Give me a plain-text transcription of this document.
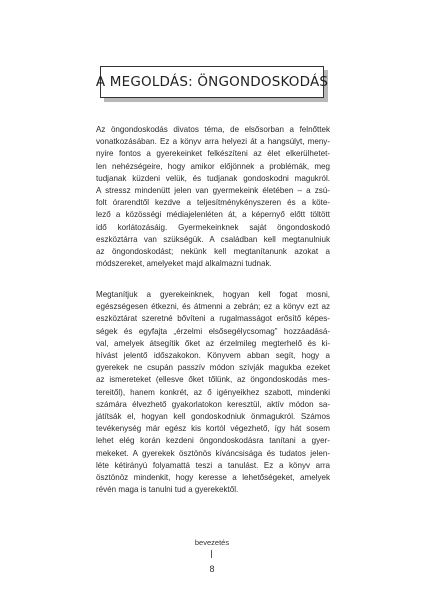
A MEGOLDÁS: ÖNGONDOSKODÁS
Az öngondoskodás divatos téma, de elsősorban a felnőttek
vonatkozásában. Ez a könyv arra helyezi át a hangsúlyt, meny-
nyire fontos a gyerekeinket felkészíteni az élet elkerülhetet-
len nehézségeire, hogy amikor előjönnek a problémák, meg
tudjanak küzdeni velük, és tudjanak gondoskodni magukról.
A stressz mindenütt jelen van gyermekeink életében – a zsú-
folt órarendtől kezdve a teljesítménykényszeren és a köte-
lező a közösségi médiajelenléten át, a képernyő előtt töltött
idő korlátozásáig. Gyermekeinknek saját öngondoskodó
eszköztárra van szükségük. A családban kell megtanulniuk
az öngondoskodást; nekünk kell megtanítanunk azokat a
módszereket, amelyeket majd alkalmazni tudnak.
Megtanítjuk a gyerekeinknek, hogyan kell fogat mosni,
egészségesen étkezni, és átmenni a zebrán; ez a könyv ezt az
eszköztárat szeretné bővíteni a rugalmasságot erősítő képes-
ségek és egyfajta „érzelmi elsősegélycsomag” hozzáadásá-
val, amelyek átsegítik őket az érzelmileg megterhelő és ki-
hívást jelentő időszakokon. Könyvem abban segít, hogy a
gyerekek ne csupán passzív módon szívják magukba ezeket
az ismereteket (ellesve őket tőlünk, az öngondoskodás mes-
tereitől), hanem konkrét, az ő igényeikhez szabott, mindenki
számára élvezhető gyakorlatokon keresztül, aktív módon sa-
játítsák el, hogyan kell gondoskodniuk önmagukról. Számos
tevékenység már egész kis kortól végezhető, így hát sosem
lehet elég korán kezdeni öngondoskodásra tanítani a gyer-
mekeket. A gyerekek ösztönös kíváncsisága és tudatos jelen-
léte kétirányú folyamattá teszi a tanulást. Ez a könyv arra
ösztönöz mindenkit, hogy keresse a lehetőségeket, amelyek
révén maga is tanulni tud a gyerekektől.
bevezetés
8
